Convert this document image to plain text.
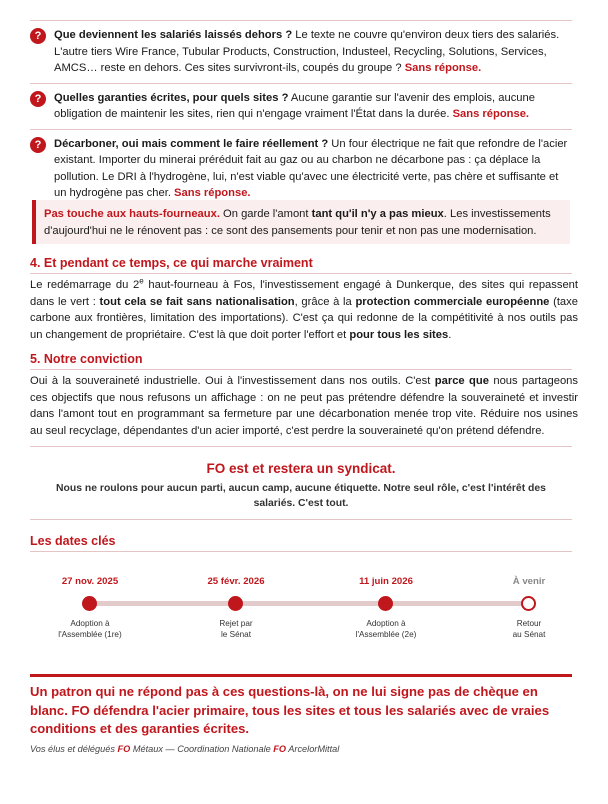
?	Que deviennent les salariés laissés dehors ? Le texte ne couvre qu'environ deux tiers des salariés. L'autre tiers Wire France, Tubular Products, Construction, Industeel, Recycling, Solutions, Services, AMCS… reste en dehors. Ces sites survivront-ils, coupés du groupe ? Sans réponse.
?	Quelles garanties écrites, pour quels sites ? Aucune garantie sur l'avenir des emplois, aucune obligation de maintenir les sites, rien qui n'engage vraiment l'État dans la durée. Sans réponse.
?	Décarboner, oui mais comment le faire réellement ? Un four électrique ne fait que refondre de l'acier existant. Importer du minerai préréduit fait au gaz ou au charbon ne décarbone pas : ça déplace la pollution. Le DRI à l'hydrogène, lui, n'est viable qu'avec une électricité verte, pas chère et suffisante et un hydrogène pas cher. Sans réponse.
Pas touche aux hauts-fourneaux. On garde l'amont tant qu'il n'y a pas mieux. Les investissements d'aujourd'hui ne le rénovent pas : ce sont des pansements pour tenir et non pas une modernisation.
4. Et pendant ce temps, ce qui marche vraiment
Le redémarrage du 2e haut-fourneau à Fos, l'investissement engagé à Dunkerque, des sites qui repassent dans le vert : tout cela se fait sans nationalisation, grâce à la protection commerciale européenne (taxe carbone aux frontières, limitation des importations). C'est ça qui redonne de la compétitivité à nos outils pas un changement de propriétaire. C'est là que doit porter l'effort et pour tous les sites.
5. Notre conviction
Oui à la souveraineté industrielle. Oui à l'investissement dans nos outils. C'est parce que nous partageons ces objectifs que nous refusons un affichage : on ne peut pas prétendre défendre la souveraineté et investir dans l'amont tout en programmant sa fermeture par une décarbonation menée trop vite. Réduire nos usines au seul recyclage, dépendantes d'un acier importé, c'est perdre la souveraineté qu'on prétend défendre.
FO est et restera un syndicat.
Nous ne roulons pour aucun parti, aucun camp, aucune étiquette. Notre seul rôle, c'est l'intérêt des salariés. C'est tout.
Les dates clés
27 nov. 2025
Adoption à
l'Assemblée (1re)
25 févr. 2026
Rejet par
le Sénat
11 juin 2026
Adoption à
l'Assemblée (2e)
À venir
Retour
au Sénat
Un patron qui ne répond pas à ces questions-là, on ne lui signe pas de chèque en blanc. FO défendra l'acier primaire, tous les sites et tous les salariés avec de vraies conditions et des garanties écrites.
Vos élus et délégués FO Métaux — Coordination Nationale FO ArcelorMittal
